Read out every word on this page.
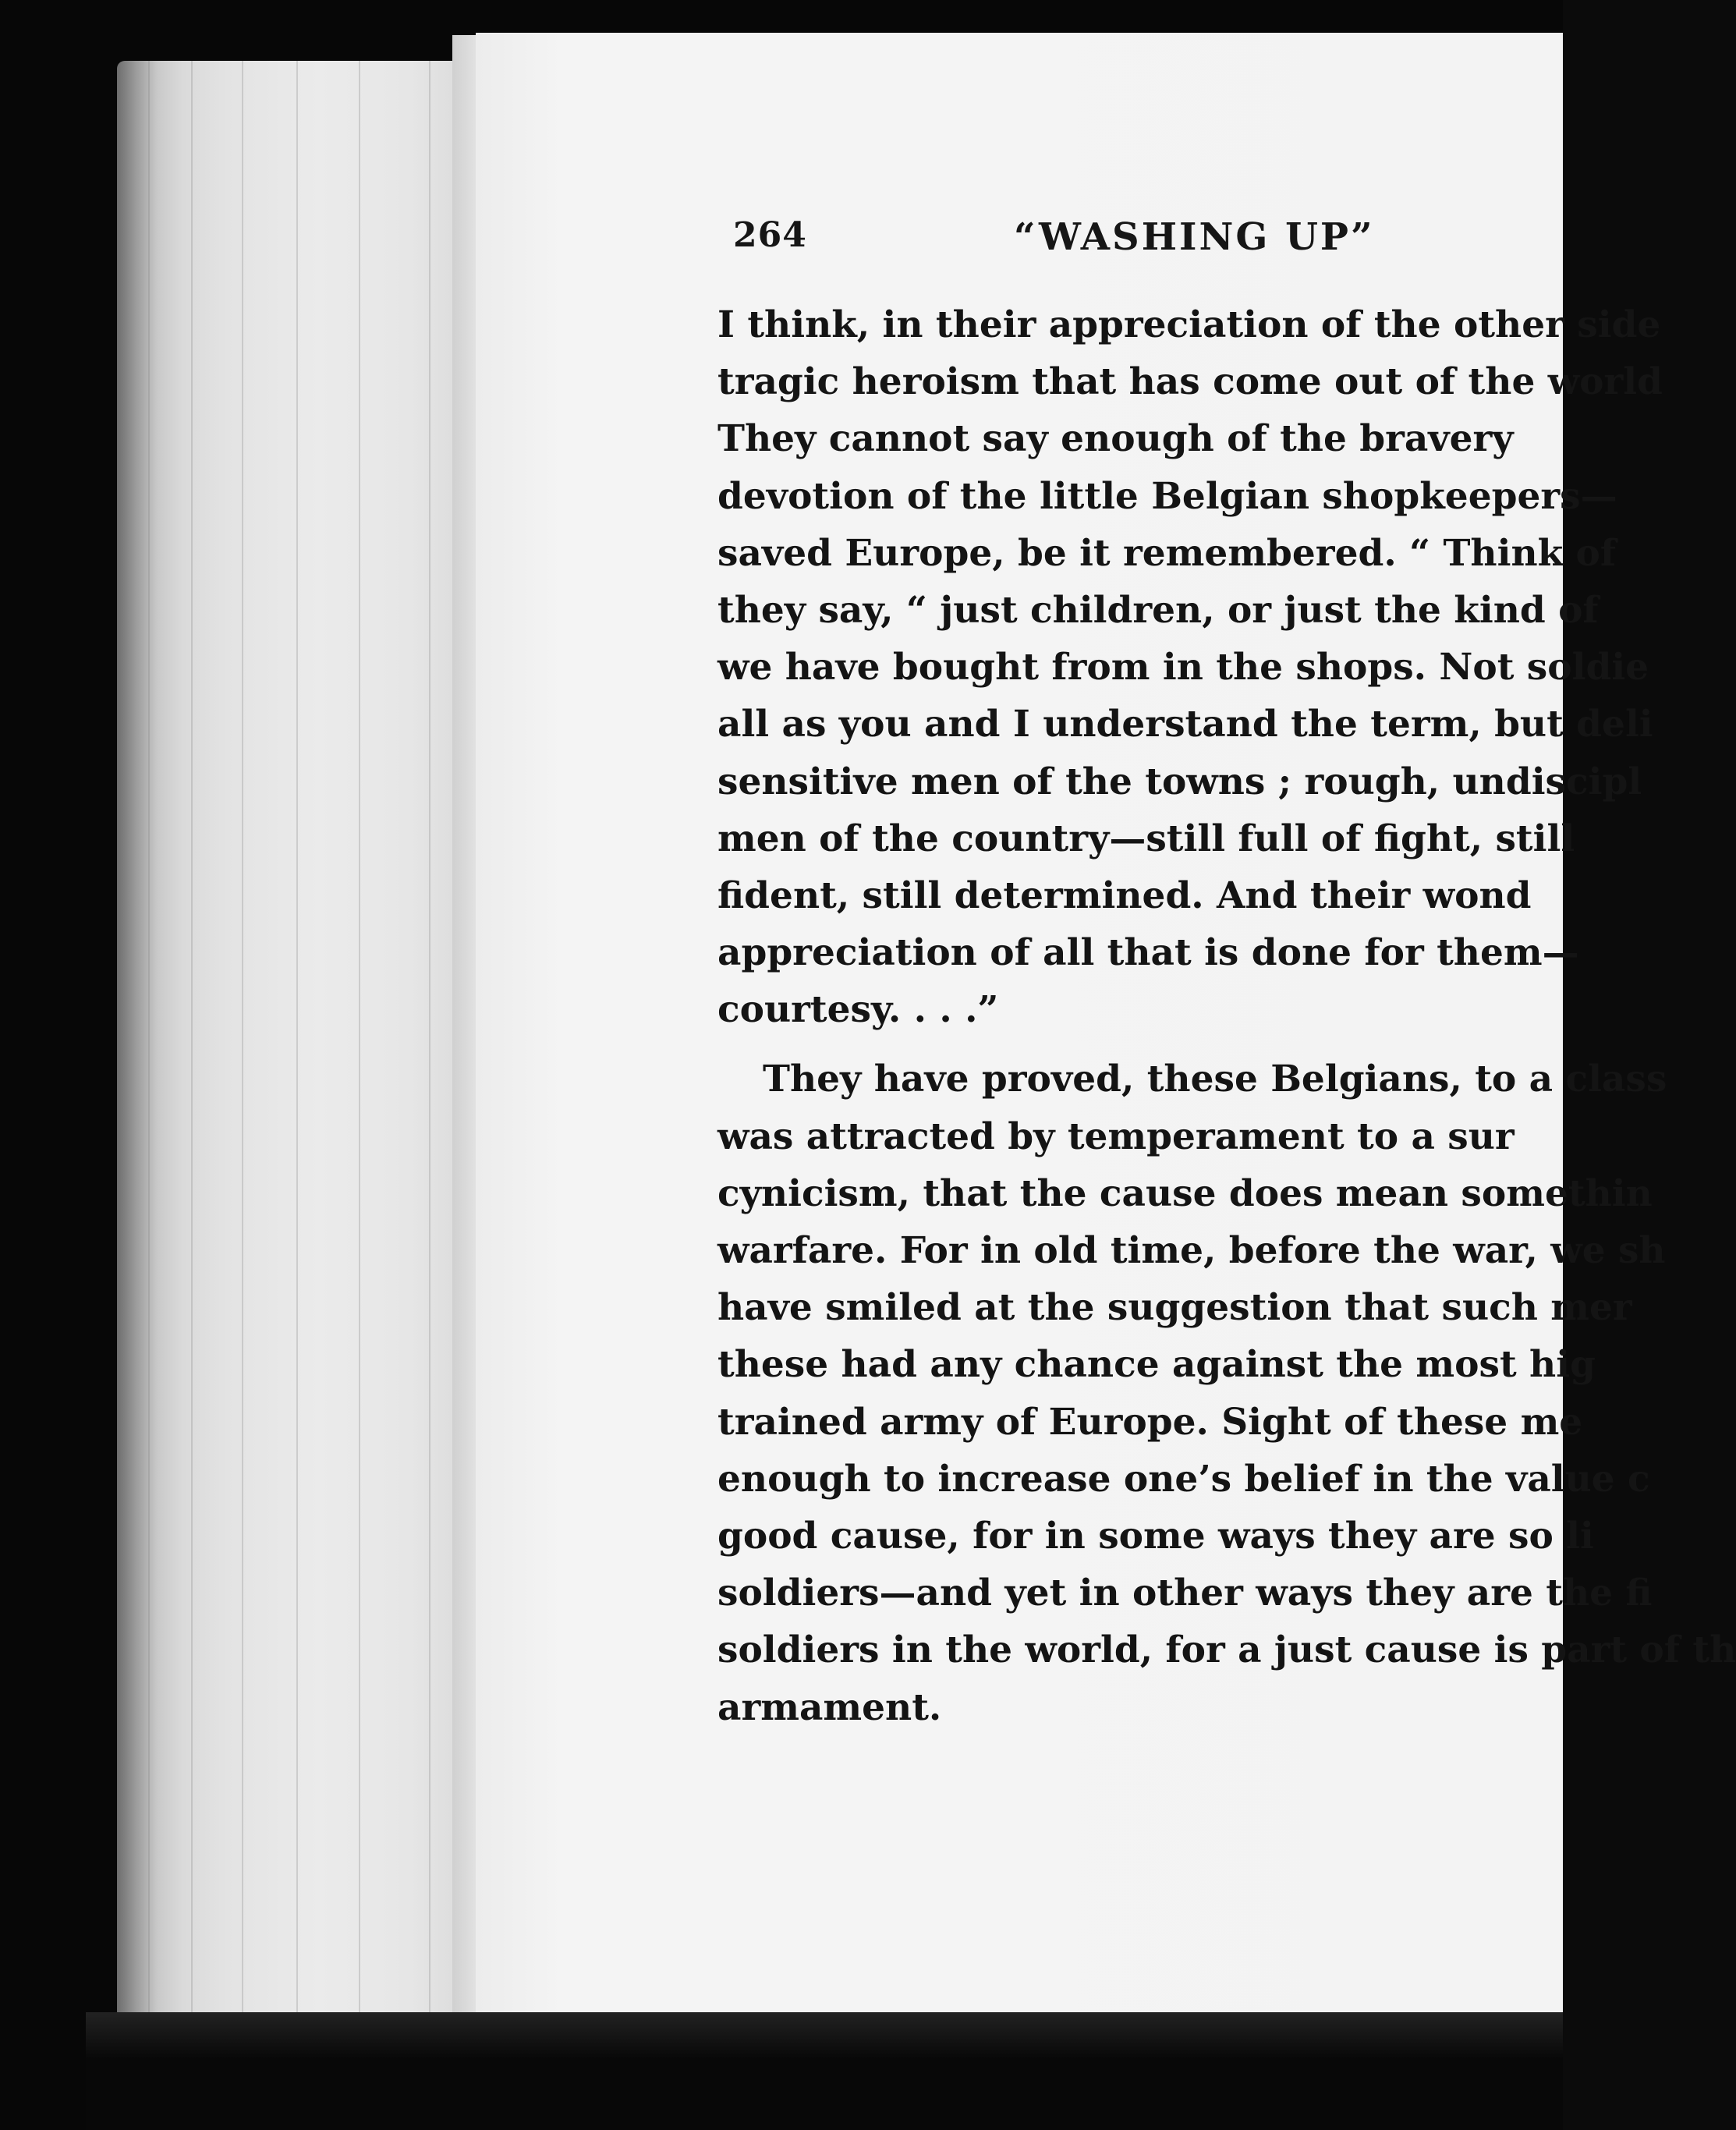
264	“WASHING UP”
I think, in their appreciation of the other side
tragic heroism that has come out of the world
They cannot say enough of the bravery
devotion of the little Belgian shopkeepers—
saved Europe, be it remembered. “ Think of
they say, “ just children, or just the kind of
we have bought from in the shops. Not soldie
all as you and I understand the term, but deli
sensitive men of the towns ; rough, undiscipl
men of the country—still full of fight, still
fident, still determined. And their wond
appreciation of all that is done for them—
courtesy. . . .”
They have proved, these Belgians, to a class
was attracted by temperament to a sur
cynicism, that the cause does mean somethin
warfare. For in old time, before the war, we sh
have smiled at the suggestion that such mer
these had any chance against the most hig
trained army of Europe. Sight of these me
enough to increase one’s belief in the value c
good cause, for in some ways they are so li
soldiers—and yet in other ways they are the fi
soldiers in the world, for a just cause is part of th
armament.
